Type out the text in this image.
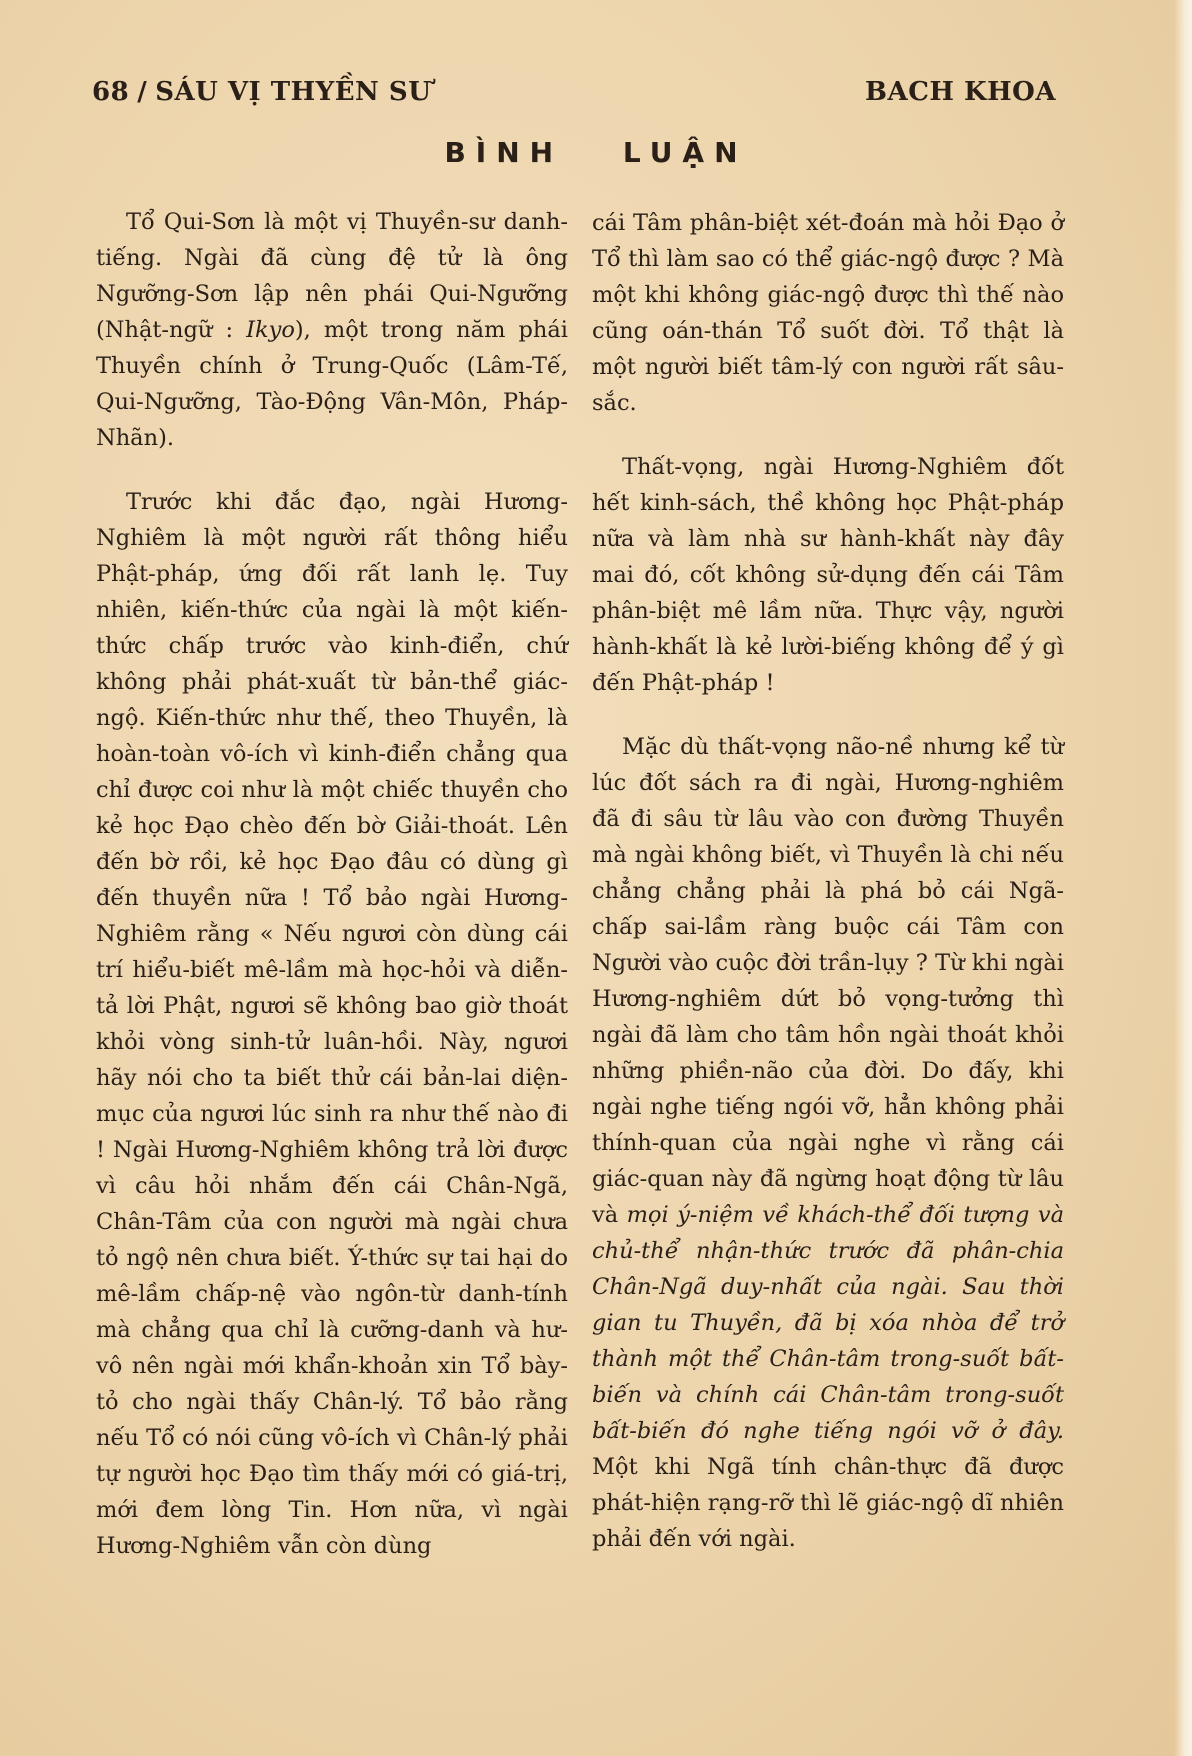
68 / SÁU VỊ THYỀN SƯ	BACH KHOA
BÌNH LUẬN

Tổ Qui-Sơn là một vị Thuyền-sư danh-tiếng. Ngài đã cùng đệ tử là ông Ngưỡng-Sơn lập nên phái Qui-Ngưỡng (Nhật-ngữ : Ikyo), một trong năm phái Thuyền chính ở Trung-Quốc (Lâm-Tế, Qui-Ngưỡng, Tào-Động Vân-Môn, Pháp-Nhãn).

Trước khi đắc đạo, ngài Hương-Nghiêm là một người rất thông hiểu Phật-pháp, ứng đối rất lanh lẹ. Tuy nhiên, kiến-thức của ngài là một kiến-thức chấp trước vào kinh-điển, chứ không phải phát-xuất từ bản-thể giác-ngộ. Kiến-thức như thế, theo Thuyền, là hoàn-toàn vô-ích vì kinh-điển chẳng qua chỉ được coi như là một chiếc thuyền cho kẻ học Đạo chèo đến bờ Giải-thoát. Lên đến bờ rồi, kẻ học Đạo đâu có dùng gì đến thuyền nữa ! Tổ bảo ngài Hương-Nghiêm rằng « Nếu ngươi còn dùng cái trí hiểu-biết mê-lầm mà học-hỏi và diễn-tả lời Phật, ngươi sẽ không bao giờ thoát khỏi vòng sinh-tử luân-hồi. Này, ngươi hãy nói cho ta biết thử cái bản-lai diện-mục của ngươi lúc sinh ra như thế nào đi ! Ngài Hương-Nghiêm không trả lời được vì câu hỏi nhắm đến cái Chân-Ngã, Chân-Tâm của con người mà ngài chưa tỏ ngộ nên chưa biết. Ý-thức sự tai hại do mê-lầm chấp-nệ vào ngôn-từ danh-tính mà chẳng qua chỉ là cưỡng-danh và hư-vô nên ngài mới khẩn-khoản xin Tổ bày-tỏ cho ngài thấy Chân-lý. Tổ bảo rằng nếu Tổ có nói cũng vô-ích vì Chân-lý phải tự người học Đạo tìm thấy mới có giá-trị, mới đem lòng Tin. Hơn nữa, vì ngài Hương-Nghiêm vẫn còn dùng

cái Tâm phân-biệt xét-đoán mà hỏi Đạo ở Tổ thì làm sao có thể giác-ngộ được ? Mà một khi không giác-ngộ được thì thế nào cũng oán-thán Tổ suốt đời. Tổ thật là một người biết tâm-lý con người rất sâu-sắc.

Thất-vọng, ngài Hương-Nghiêm đốt hết kinh-sách, thề không học Phật-pháp nữa và làm nhà sư hành-khất này đây mai đó, cốt không sử-dụng đến cái Tâm phân-biệt mê lầm nữa. Thực vậy, người hành-khất là kẻ lười-biếng không để ý gì đến Phật-pháp !

Mặc dù thất-vọng não-nề nhưng kể từ lúc đốt sách ra đi ngài, Hương-nghiêm đã đi sâu từ lâu vào con đường Thuyền mà ngài không biết, vì Thuyền là chi nếu chẳng chẳng phải là phá bỏ cái Ngã-chấp sai-lầm ràng buộc cái Tâm con Người vào cuộc đời trần-lụy ? Từ khi ngài Hương-nghiêm dứt bỏ vọng-tưởng thì ngài đã làm cho tâm hồn ngài thoát khỏi những phiền-não của đời. Do đấy, khi ngài nghe tiếng ngói vỡ, hẳn không phải thính-quan của ngài nghe vì rằng cái giác-quan này đã ngừng hoạt động từ lâu và mọi ý-niệm về khách-thể đối tượng và chủ-thể nhận-thức trước đã phân-chia Chân-Ngã duy-nhất của ngài. Sau thời gian tu Thuyền, đã bị xóa nhòa để trở thành một thể Chân-tâm trong-suốt bất-biến và chính cái Chân-tâm trong-suốt bất-biến đó nghe tiếng ngói vỡ ở đây. Một khi Ngã tính chân-thực đã được phát-hiện rạng-rỡ thì lẽ giác-ngộ dĩ nhiên phải đến với ngài.
